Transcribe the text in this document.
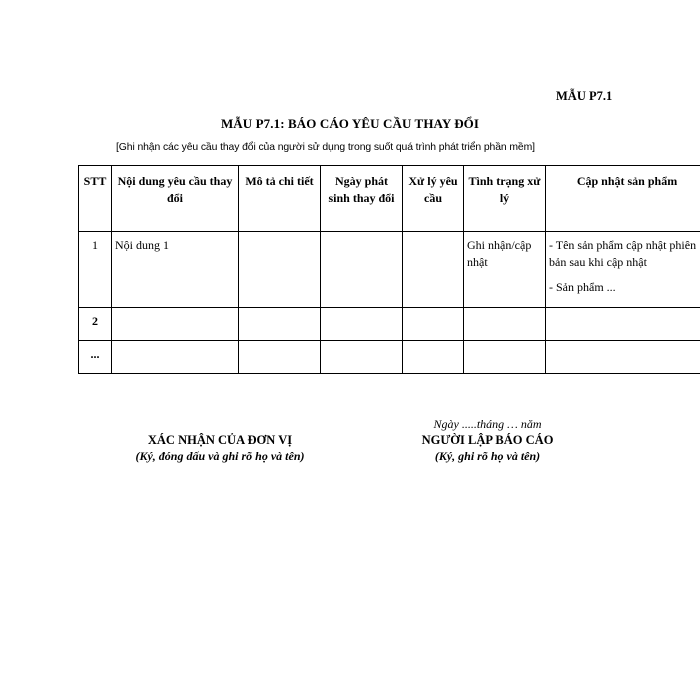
MẪU P7.1
MẪU P7.1: BÁO CÁO YÊU CẦU THAY ĐỔI
[Ghi nhận các yêu cầu thay đổi của người sử dụng trong suốt quá trình phát triển phần mềm]
STT	Nội dung yêu cầu thay đổi	Mô tả chi tiết	Ngày phát sinh thay đổi	Xử lý yêu cầu	Tình trạng xử lý	Cập nhật sản phẩm
1	Nội dung 1				Ghi nhận/cập nhật	- Tên sản phẩm cập nhật phiên bản sau khi cập nhật
- Sản phẩm ...

2						
...						
XÁC NHẬN CỦA ĐƠN VỊ
(Ký, đóng dấu và ghi rõ họ và tên)
Ngày .....tháng … năm
NGƯỜI LẬP BÁO CÁO
(Ký, ghi rõ họ và tên)
